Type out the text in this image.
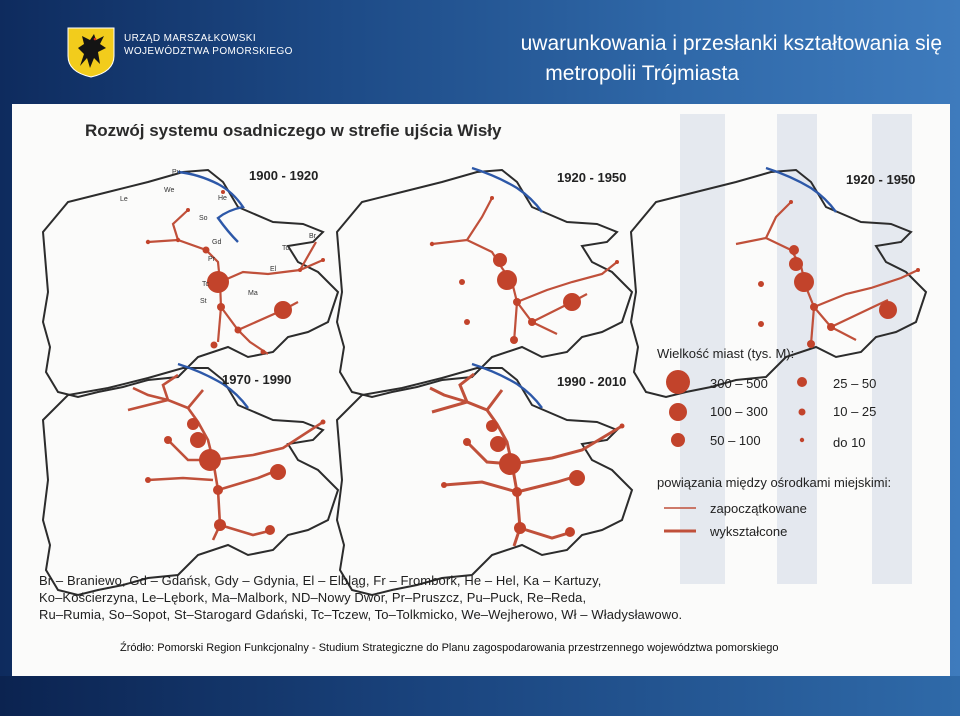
URZĄD MARSZAŁKOWSKI
WOJEWÓDZTWA POMORSKIEGO	uwarunkowania i przesłanki kształtowania się
metropolii Trójmiasta
Le
We
Pu
He
So
Gd
Pr
Tc
St
Ma
El
To
Br
Rozwój systemu osadniczego w strefie ujścia Wisły
1900 - 1920	1920 - 1950	1920 - 1950
1970 - 1990	1990 - 2010
Wielkość miast (tys. M):
300 – 500
100 – 300
50 – 100
25 – 50
10 – 25
do 10
powiązania między ośrodkami miejskimi:
zapoczątkowane
wykształcone
Br – Braniewo, Gd – Gdańsk, Gdy – Gdynia, El – Elbląg, Fr – Frombork, He – Hel, Ka – Kartuzy,
Ko–Kościerzyna, Le–Lębork, Ma–Malbork, ND–Nowy Dwór, Pr–Pruszcz, Pu–Puck, Re–Reda,
Ru–Rumia, So–Sopot, St–Starogard Gdański, Tc–Tczew, To–Tolkmicko, We–Wejherowo, Wł – Władysławowo.
Źródło: Pomorski Region Funkcjonalny - Studium Strategiczne do Planu zagospodarowania przestrzennego województwa pomorskiego
